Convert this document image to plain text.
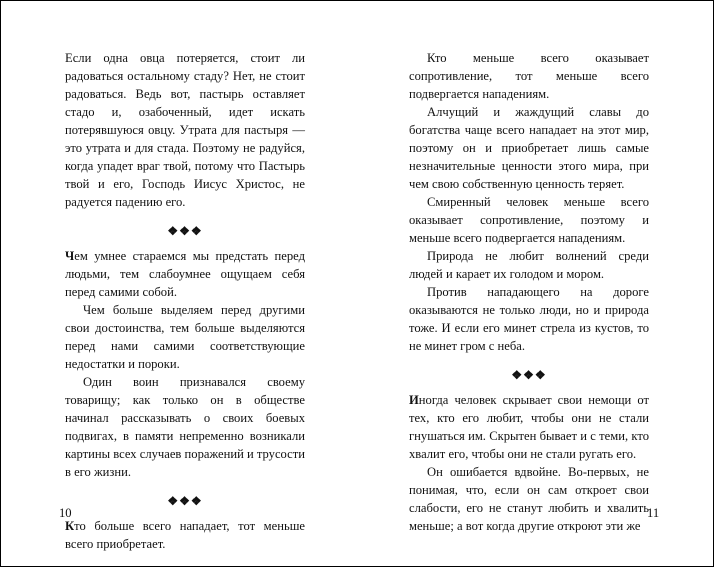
Если одна овца потеряется, стоит ли радоваться остальному стаду? Нет, не стоит радоваться. Ведь вот, пастырь оставляет стадо и, озабоченный, идет искать потерявшуюся овцу. Утрата для пастыря —это утрата и для стада. Поэтому не радуйся, когда упадет враг твой, потому что Пастырь твой и его, Господь Иисус Христос, не радуется падению его.

❖❖❖

Чем умнее стараемся мы предстать перед людьми, тем слабоумнее ощущаем себя перед самими собой.

Чем больше выделяем перед другими свои достоинства, тем больше выделяются перед нами самими соответствующие недостатки и пороки.

Один воин признавался своему товарищу; как только он в обществе начинал рассказывать о своих боевых подвигах, в памяти непременно возникали картины всех случаев поражений и трусости в его жизни.

❖❖❖

Кто больше всего нападает, тот меньше всего приобретает.

10

Кто меньше всего оказывает сопротивление, тот меньше всего подвергается нападениям.

Алчущий и жаждущий славы до богатства чаще всего нападает на этот мир, поэтому он и приобретает лишь самые незначительные ценности этого мира, при чем свою собственную ценность теряет.

Смиренный человек меньше всего оказывает сопротивление, поэтому и меньше всего подвергается нападениям.

Природа не любит волнений среди людей и карает их голодом и мором.

Против нападающего на дороге оказываются не только люди, но и природа тоже. И если его минет стрела из кустов, то не минет гром с неба.

❖❖❖

Иногда человек скрывает свои немощи от тех, кто его любит, чтобы они не стали гнушаться им. Скрытен бывает и с теми, кто хвалит его, чтобы они не стали ругать его.

Он ошибается вдвойне. Во-первых, не понимая, что, если он сам откроет свои слабости, его не станут любить и хвалить меньше; а вот когда другие откроют эти же

11
